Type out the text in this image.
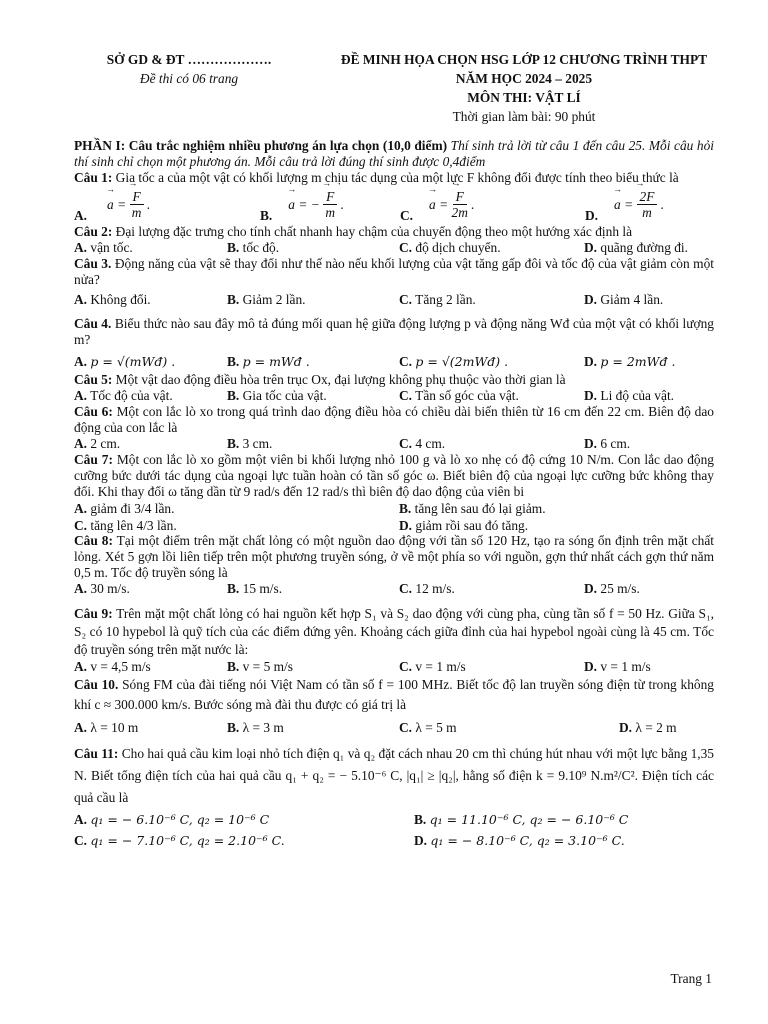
SỞ GD & ĐT ……………….
Đề thi có 06 trang
ĐỀ MINH HỌA CHỌN HSG LỚP 12 CHƯƠNG TRÌNH THPT
NĂM HỌC 2024 – 2025
MÔN THI: VẬT LÍ
Thời gian làm bài: 90 phút
PHẦN I: Câu trắc nghiệm nhiều phương án lựa chọn (10,0 điểm) Thí sinh trả lời từ câu 1 đến câu 25. Mỗi câu hỏi thí sinh chỉ chọn một phương án. Mỗi câu trả lời đúng thí sinh được 0,4điểm
Câu 1: Gia tốc a của một vật có khối lượng m chịu tác dụng của một lực F không đổi được tính theo biểu thức là
A.
→ a
=
→ $\frac{F}{m}$ .
B.
→ a
= −
→ $\frac{F}{m}$ .
C.
→ a
=
→ $\frac{F}{2m}$ .
D.
→ a
=
→ $\frac{2F}{m}$ .
Câu 2: Đại lượng đặc trưng cho tính chất nhanh hay chậm của chuyển động theo một hướng xác định là
A. vận tốc.	B. tốc độ.	C. độ dịch chuyển.	D. quãng đường đi.
Câu 3. Động năng của vật sẽ thay đổi như thế nào nếu khối lượng của vật tăng gấp đôi và tốc độ của vật giảm còn một nửa?
A. Không đổi.	B. Giảm 2 lần.	C. Tăng 2 lần.	D. Giảm 4 lần.
Câu 4. Biểu thức nào sau đây mô tả đúng mối quan hệ giữa động lượng p và động năng Wđ của một vật có khối lượng m?
A. p = √(mWđ) .	B. p = mWđ .	C. p = √(2mWđ) .	D. p = 2mWđ .
Câu 5: Một vật dao động điều hòa trên trục Ox, đại lượng không phụ thuộc vào thời gian là
A. Tốc độ của vật.	B. Gia tốc của vật.	C. Tần số góc của vật.	D. Li độ của vật.
Câu 6: Một con lắc lò xo trong quá trình dao động điều hòa có chiều dài biến thiên từ 16 cm đến 22 cm. Biên độ dao động của con lắc là
A. 2 cm.	B. 3 cm.	C. 4 cm.	D. 6 cm.
Câu 7: Một con lắc lò xo gồm một viên bi khối lượng nhỏ 100 g và lò xo nhẹ có độ cứng 10 N/m. Con lắc dao động cưỡng bức dưới tác dụng của ngoại lực tuần hoàn có tần số góc ω. Biết biên độ của ngoại lực cưỡng bức không thay đổi. Khi thay đổi ω tăng dần từ 9 rad/s đến 12 rad/s thì biên độ dao động của viên bi
A. giảm đi 3/4 lần.	B. tăng lên sau đó lại giảm.
C. tăng lên 4/3 lần.	D. giảm rồi sau đó tăng.
Câu 8: Tại một điểm trên mặt chất lỏng có một nguồn dao động với tần số 120 Hz, tạo ra sóng ổn định trên mặt chất lỏng. Xét 5 gợn lồi liên tiếp trên một phương truyền sóng, ở về một phía so với nguồn, gợn thứ nhất cách gợn thứ năm 0,5 m. Tốc độ truyền sóng là
A. 30 m/s.	B. 15 m/s.	C. 12 m/s.	D. 25 m/s.
Câu 9: Trên mặt một chất lỏng có hai nguồn kết hợp S₁ và S₂ dao động với cùng pha, cùng tần số f = 50 Hz. Giữa S₁, S₂ có 10 hypebol là quỹ tích của các điểm đứng yên. Khoảng cách giữa đỉnh của hai hypebol ngoài cùng là 45 cm. Tốc độ truyền sóng trên mặt nước là:
A. v = 4,5 m/s	B. v = 5 m/s	C. v = 1 m/s	D. v = 1 m/s
Câu 10. Sóng FM của đài tiếng nói Việt Nam có tần số f = 100 MHz. Biết tốc độ lan truyền sóng điện từ trong không khí c ≈ 300.000 km/s. Bước sóng mà đài thu được có giá trị là
A. λ = 10 m	B. λ = 3 m	C. λ = 5 m	D. λ = 2 m
Câu 11: Cho hai quả cầu kim loại nhỏ tích điện q₁ và q₂ đặt cách nhau 20 cm thì chúng hút nhau với một lực bằng 1,35 N. Biết tổng điện tích của hai quả cầu q₁ + q₂ = − 5.10⁻⁶ C, |q₁| ≥ |q₂|, hằng số điện k = 9.10⁹ N.m²/C². Điện tích các quả cầu là
A. q₁ = − 6.10⁻⁶ C, q₂ = 10⁻⁶ C	B. q₁ = 11.10⁻⁶ C, q₂ = − 6.10⁻⁶ C
C. q₁ = − 7.10⁻⁶ C, q₂ = 2.10⁻⁶ C.	D. q₁ = − 8.10⁻⁶ C, q₂ = 3.10⁻⁶ C.
Trang 1
